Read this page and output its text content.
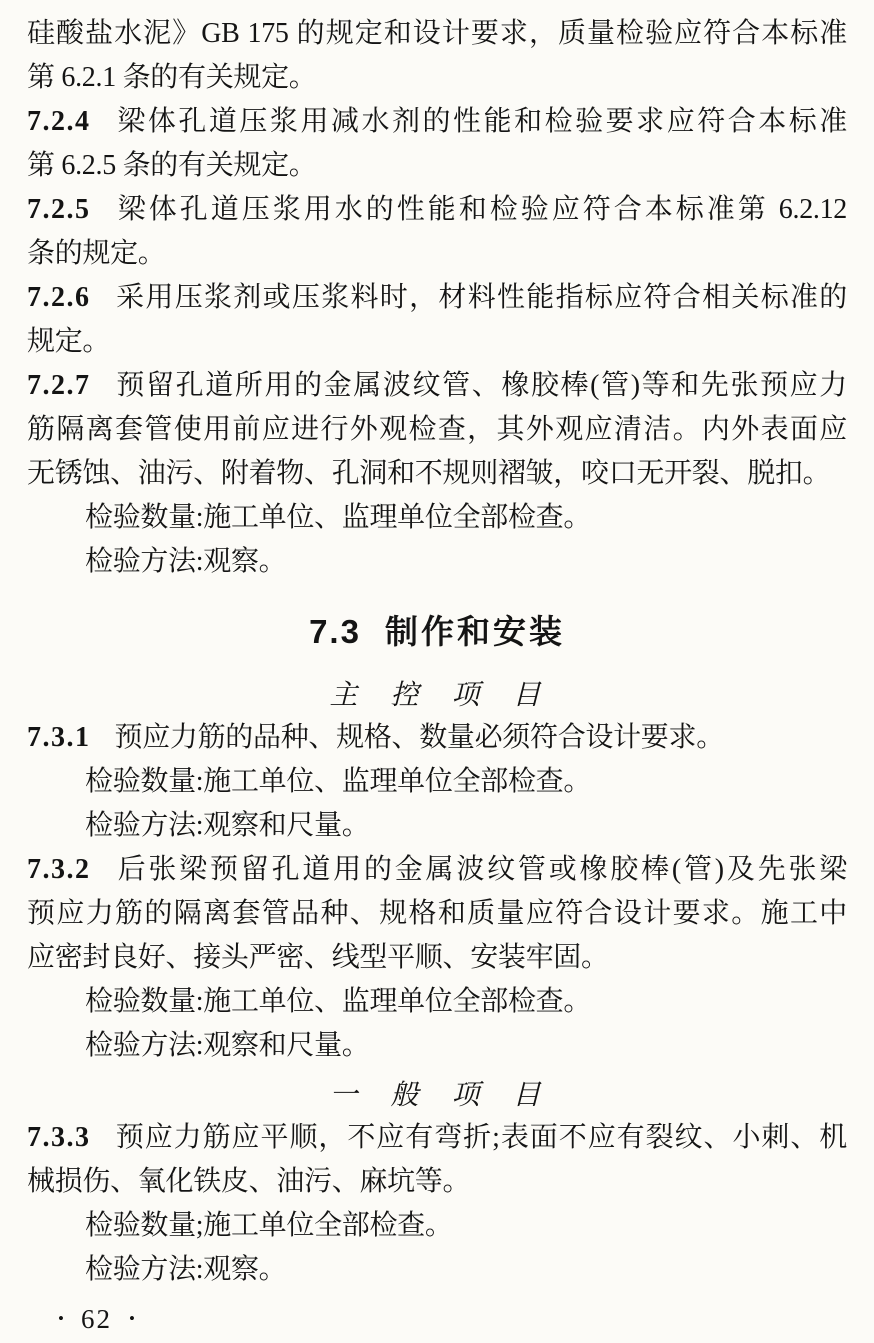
硅酸盐水泥》GB 175 的规定和设计要求，质量检验应符合本标准
第 6.2.1 条的有关规定。
7.2.4 梁体孔道压浆用减水剂的性能和检验要求应符合本标准
第 6.2.5 条的有关规定。
7.2.5 梁体孔道压浆用水的性能和检验应符合本标准第 6.2.12
条的规定。
7.2.6 采用压浆剂或压浆料时，材料性能指标应符合相关标准的
规定。
7.2.7 预留孔道所用的金属波纹管、橡胶棒(管)等和先张预应力
筋隔离套管使用前应进行外观检查，其外观应清洁。内外表面应
无锈蚀、油污、附着物、孔洞和不规则褶皱，咬口无开裂、脱扣。
检验数量:施工单位、监理单位全部检查。
检验方法:观察。
7.3 制作和安装
主 控 项 目
7.3.1 预应力筋的品种、规格、数量必须符合设计要求。
检验数量:施工单位、监理单位全部检查。
检验方法:观察和尺量。
7.3.2 后张梁预留孔道用的金属波纹管或橡胶棒(管)及先张梁
预应力筋的隔离套管品种、规格和质量应符合设计要求。施工中
应密封良好、接头严密、线型平顺、安装牢固。
检验数量:施工单位、监理单位全部检查。
检验方法:观察和尺量。
一 般 项 目
7.3.3 预应力筋应平顺，不应有弯折;表面不应有裂纹、小刺、机
械损伤、氧化铁皮、油污、麻坑等。
检验数量;施工单位全部检查。
检验方法:观察。
• 62 •
